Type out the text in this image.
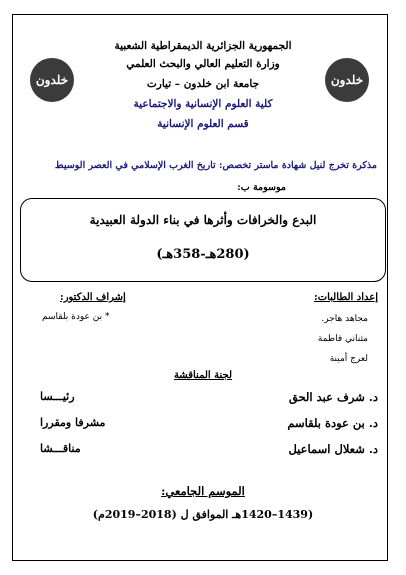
خلدون	خلدون
الجمهورية الجزائرية الديمقراطية الشعبية
وزارة التعليم العالي والبحث العلمي
جامعة ابن خلدون – تيارت
كلية العلوم الإنسانية والاجتماعية
قسم العلوم الإنسانية
مذكرة تخرج لنيل شهادة ماستر تخصص: تاريخ الغرب الإسلامي في العصر الوسيط
موسومة ب:
البدع والخرافات وأثرها في بناء الدولة العبيدية
(280هـ-358هـ)
إعداد الطالبات:
مجاهد هاجر.
مثناني فاطمة
لعرج أمينة
إشراف الدكتور:
* بن عودة بلقاسم
لجنة المناقشة
د. شرف عبد الحق
رئيـــسا
د. بن عودة بلقاسم
مشرفا ومقررا
د. شعلال اسماعيل
مناقـــشا
الموسم الجامعي:
(1439–1420هـ الموافق ل (2018–2019م)
